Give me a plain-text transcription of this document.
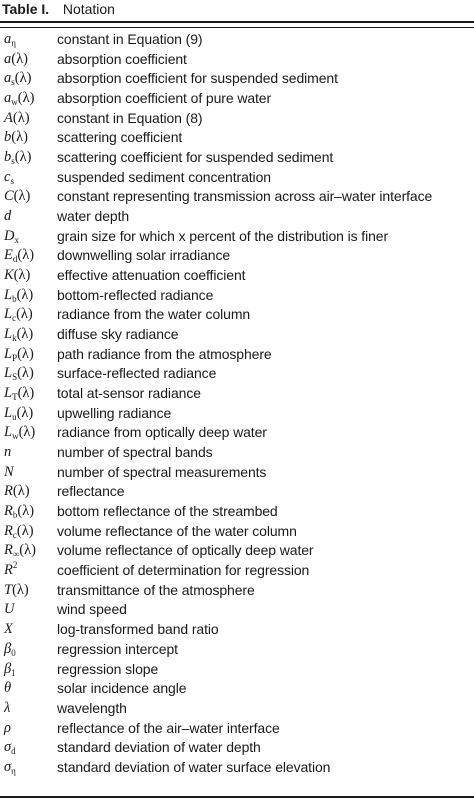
Table I. Notation
$a_\eta$	constant in Equation (9)
a(λ) absorption coefficient
$a_s(\lambda)$ absorption coefficient for suspended sediment
$a_w(\lambda)$ absorption coefficient of pure water
A(λ) constant in Equation (8)
b(λ) scattering coefficient
$b_s(\lambda)$ scattering coefficient for suspended sediment
$c_s$	suspended sediment concentration
C(λ) constant representing transmission across air–water interface
d	water depth
$D_x$	grain size for which x percent of the distribution is finer
$E_d(\lambda)$ downwelling solar irradiance
K(λ) effective attenuation coefficient
$L_b(\lambda)$ bottom-reflected radiance
$L_c(\lambda)$ radiance from the water column
$L_k(\lambda)$ diffuse sky radiance
$L_P(\lambda)$ path radiance from the atmosphere
$L_S(\lambda)$ surface-reflected radiance
$L_T(\lambda)$ total at-sensor radiance
$L_u(\lambda)$ upwelling radiance
$L_w(\lambda)$ radiance from optically deep water
n	number of spectral bands
N	number of spectral measurements
R(λ) reflectance
$R_b(\lambda)$ bottom reflectance of the streambed
$R_c(\lambda)$ volume reflectance of the water column
$R_\infty(\lambda)$ volume reflectance of optically deep water
$R^2$	coefficient of determination for regression
T(λ) transmittance of the atmosphere
U	wind speed
X	log-transformed band ratio
$\beta_0$	regression intercept
$\beta_1$	regression slope
θ	solar incidence angle
λ	wavelength
ρ	reflectance of the air–water interface
$\sigma_d$	standard deviation of water depth
$\sigma_\eta$	standard deviation of water surface elevation
